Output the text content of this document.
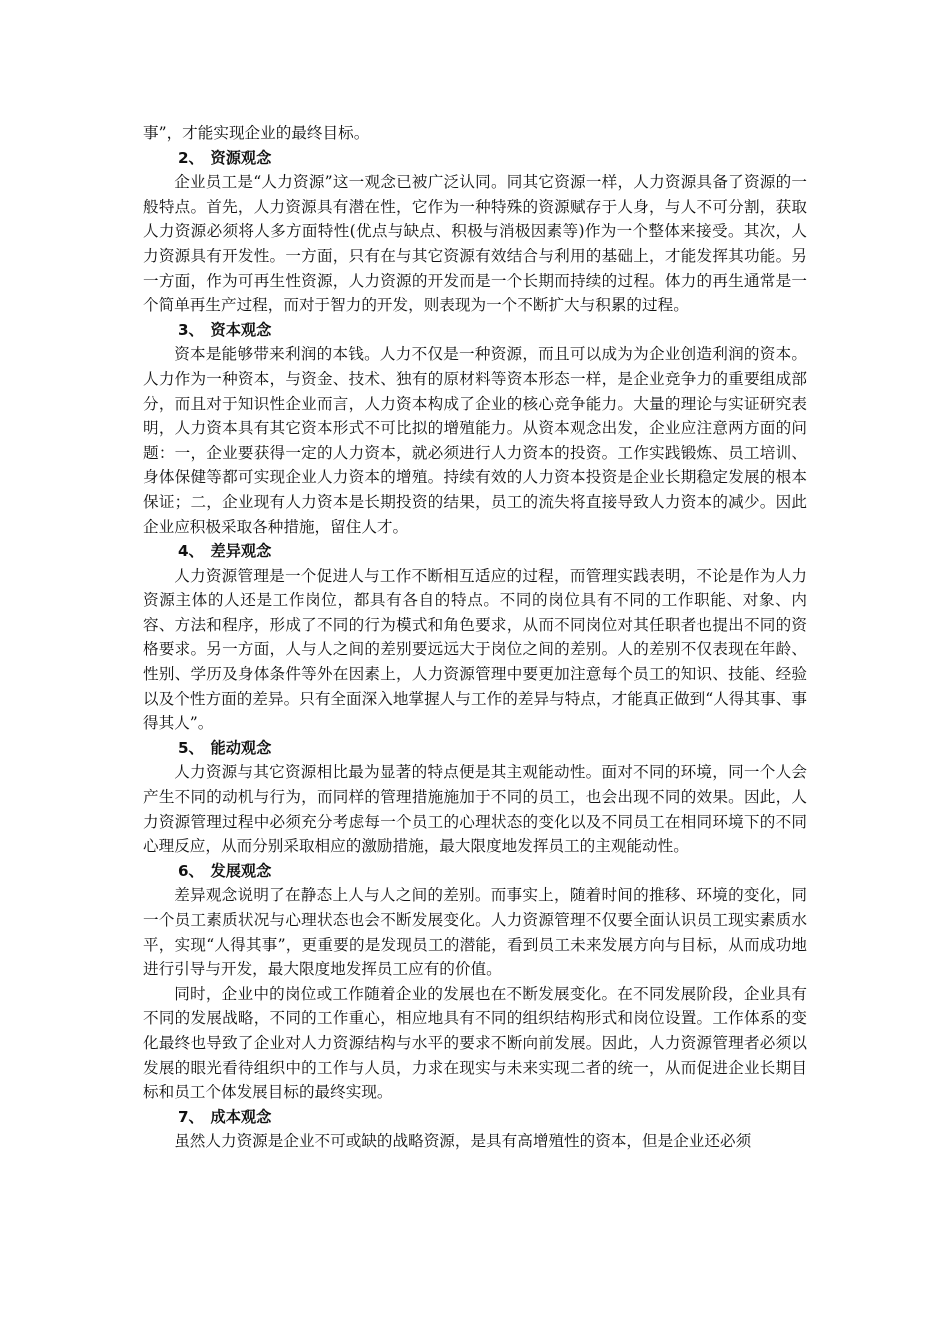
事”，才能实现企业的最终目标。

2、 资源观念

企业员工是“人力资源”这一观念已被广泛认同。同其它资源一样，人力资源具备了资源的一般特点。首先，人力资源具有潜在性，它作为一种特殊的资源赋存于人身，与人不可分割，获取人力资源必须将人多方面特性(优点与缺点、积极与消极因素等)作为一个整体来接受。其次，人力资源具有开发性。一方面，只有在与其它资源有效结合与利用的基础上，才能发挥其功能。另一方面，作为可再生性资源，人力资源的开发而是一个长期而持续的过程。体力的再生通常是一个简单再生产过程，而对于智力的开发，则表现为一个不断扩大与积累的过程。

3、 资本观念

资本是能够带来利润的本钱。人力不仅是一种资源，而且可以成为为企业创造利润的资本。人力作为一种资本，与资金、技术、独有的原材料等资本形态一样，是企业竞争力的重要组成部分，而且对于知识性企业而言，人力资本构成了企业的核心竞争能力。大量的理论与实证研究表明，人力资本具有其它资本形式不可比拟的增殖能力。从资本观念出发，企业应注意两方面的问题：一，企业要获得一定的人力资本，就必须进行人力资本的投资。工作实践锻炼、员工培训、身体保健等都可实现企业人力资本的增殖。持续有效的人力资本投资是企业长期稳定发展的根本保证；二，企业现有人力资本是长期投资的结果，员工的流失将直接导致人力资本的减少。因此企业应积极采取各种措施，留住人才。

4、 差异观念

人力资源管理是一个促进人与工作不断相互适应的过程，而管理实践表明，不论是作为人力资源主体的人还是工作岗位，都具有各自的特点。不同的岗位具有不同的工作职能、对象、内容、方法和程序，形成了不同的行为模式和角色要求，从而不同岗位对其任职者也提出不同的资格要求。另一方面，人与人之间的差别要远远大于岗位之间的差别。人的差别不仅表现在年龄、性别、学历及身体条件等外在因素上，人力资源管理中要更加注意每个员工的知识、技能、经验以及个性方面的差异。只有全面深入地掌握人与工作的差异与特点，才能真正做到“人得其事、事得其人”。

5、 能动观念

人力资源与其它资源相比最为显著的特点便是其主观能动性。面对不同的环境，同一个人会产生不同的动机与行为，而同样的管理措施施加于不同的员工，也会出现不同的效果。因此，人力资源管理过程中必须充分考虑每一个员工的心理状态的变化以及不同员工在相同环境下的不同心理反应，从而分别采取相应的激励措施，最大限度地发挥员工的主观能动性。

6、 发展观念

差异观念说明了在静态上人与人之间的差别。而事实上，随着时间的推移、环境的变化，同一个员工素质状况与心理状态也会不断发展变化。人力资源管理不仅要全面认识员工现实素质水平，实现“人得其事”，更重要的是发现员工的潜能，看到员工未来发展方向与目标，从而成功地进行引导与开发，最大限度地发挥员工应有的价值。

同时，企业中的岗位或工作随着企业的发展也在不断发展变化。在不同发展阶段，企业具有不同的发展战略，不同的工作重心，相应地具有不同的组织结构形式和岗位设置。工作体系的变化最终也导致了企业对人力资源结构与水平的要求不断向前发展。因此，人力资源管理者必须以发展的眼光看待组织中的工作与人员，力求在现实与未来实现二者的统一，从而促进企业长期目标和员工个体发展目标的最终实现。

7、 成本观念

虽然人力资源是企业不可或缺的战略资源，是具有高增殖性的资本，但是企业还必须
